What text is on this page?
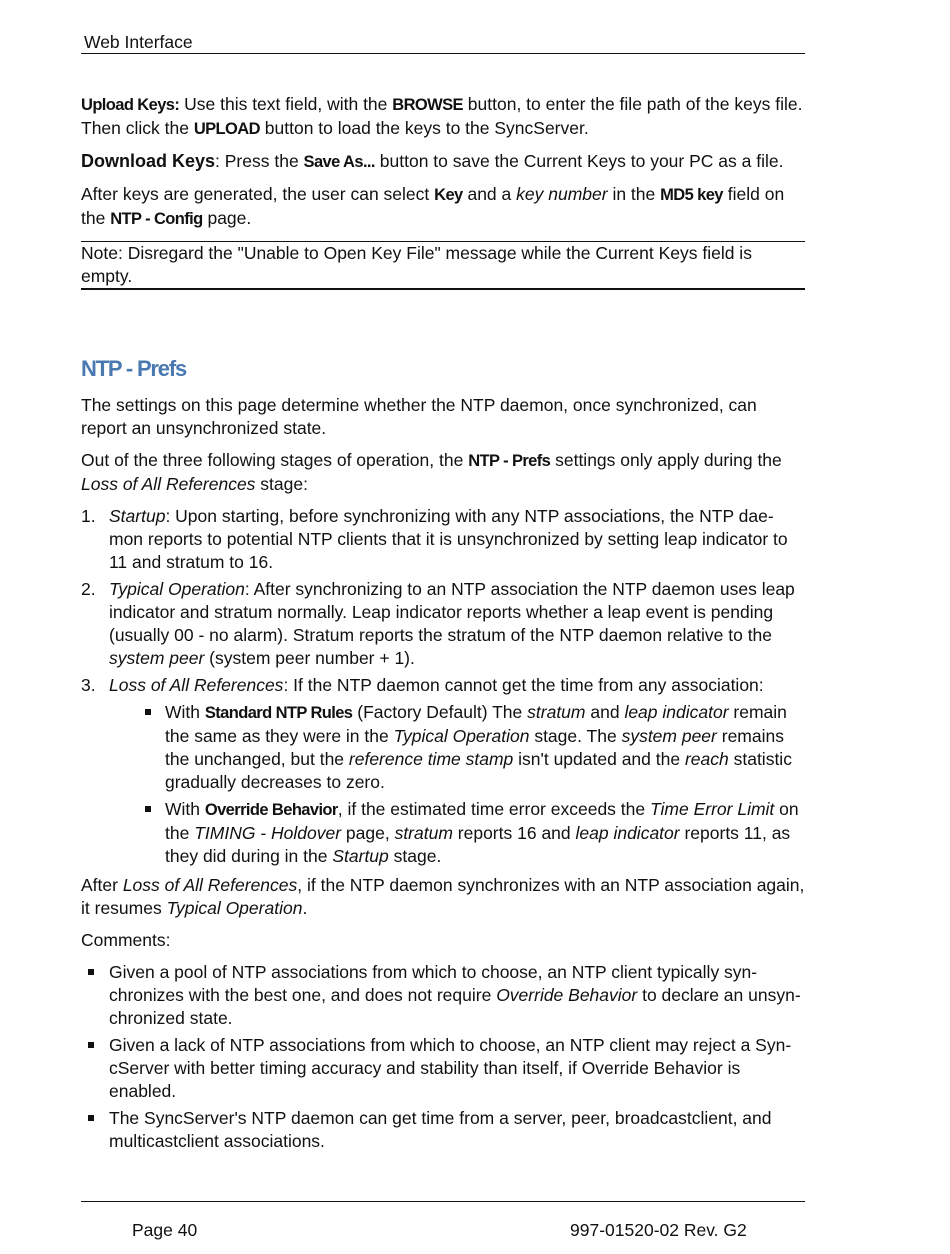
Web Interface

Upload Keys: Use this text field, with the BROWSE button, to enter the file path of the keys file. Then click the UPLOAD button to load the keys to the SyncServer.

Download Keys: Press the Save As... button to save the Current Keys to your PC as a file.

After keys are generated, the user can select Key and a key number in the MD5 key field on the NTP - Config page.

Note: Disregard the "Unable to Open Key File" message while the Current Keys field is empty.

NTP - Prefs

The settings on this page determine whether the NTP daemon, once synchronized, can report an unsynchronized state.

Out of the three following stages of operation, the NTP - Prefs settings only apply during the Loss of All References stage:

1. Startup: Upon starting, before synchronizing with any NTP associations, the NTP dae-mon reports to potential NTP clients that it is unsynchronized by setting leap indicator to 11 and stratum to 16.
2. Typical Operation: After synchronizing to an NTP association the NTP daemon uses leap indicator and stratum normally. Leap indicator reports whether a leap event is pending (usually 00 - no alarm). Stratum reports the stratum of the NTP daemon relative to the system peer (system peer number + 1).
3. Loss of All References: If the NTP daemon cannot get the time from any association:
With Standard NTP Rules (Factory Default) The stratum and leap indicator remain the same as they were in the Typical Operation stage. The system peer remains the unchanged, but the reference time stamp isn't updated and the reach statistic gradually decreases to zero.
With Override Behavior, if the estimated time error exceeds the Time Error Limit on the TIMING - Holdover page, stratum reports 16 and leap indicator reports 11, as they did during in the Startup stage.

After Loss of All References, if the NTP daemon synchronizes with an NTP association again, it resumes Typical Operation.

Comments:

Given a pool of NTP associations from which to choose, an NTP client typically syn-chronizes with the best one, and does not require Override Behavior to declare an unsyn-chronized state.
Given a lack of NTP associations from which to choose, an NTP client may reject a Syn-cServer with better timing accuracy and stability than itself, if Override Behavior is enabled.
The SyncServer's NTP daemon can get time from a server, peer, broadcastclient, and multicastclient associations.
Page 40	997-01520-02 Rev. G2
